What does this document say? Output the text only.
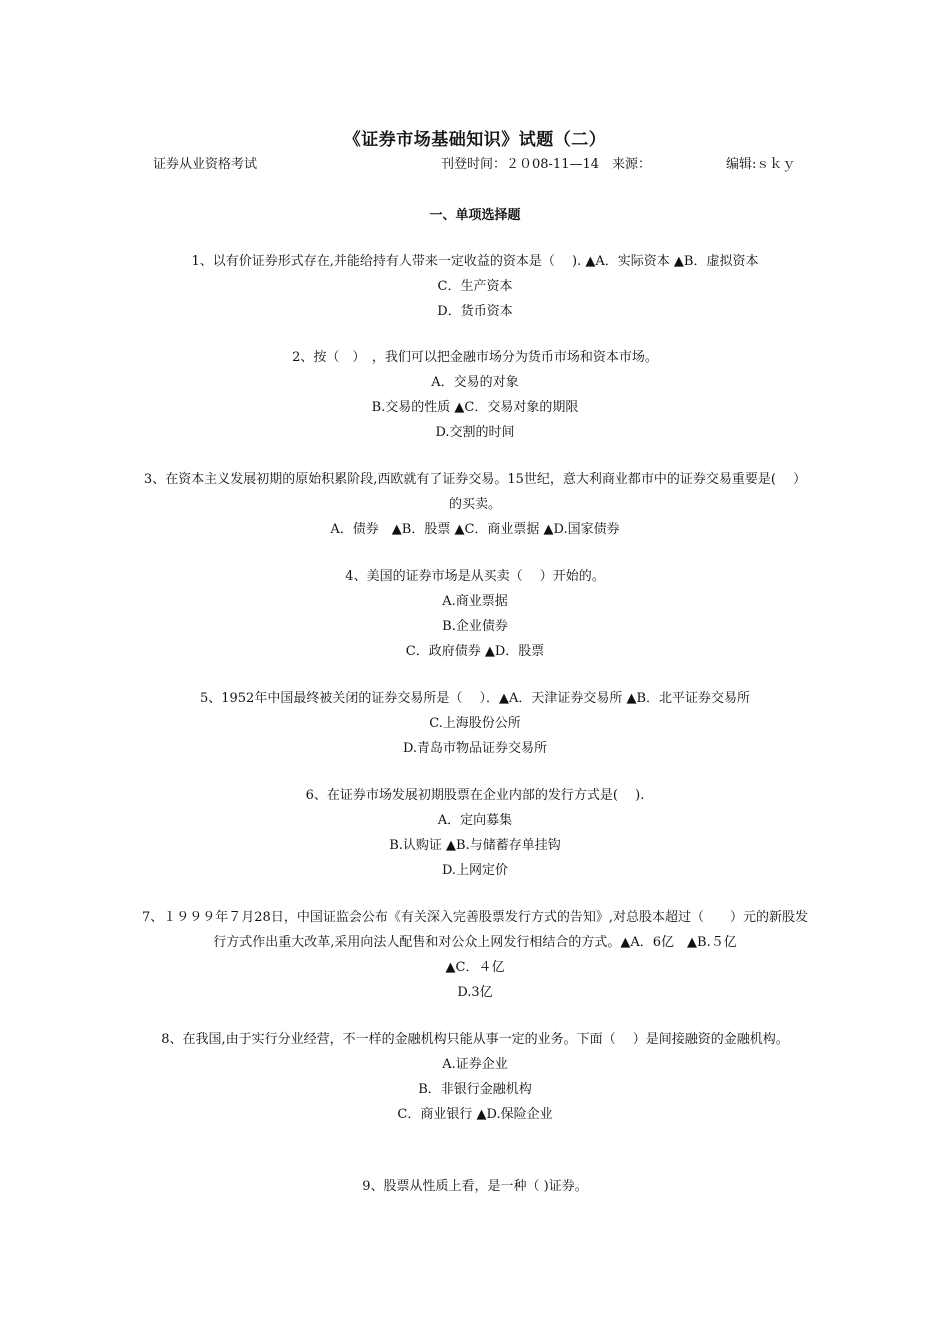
《证券市场基础知识》试题（二）
证券从业资格考试	刊登时间：２０08-11—14　来源：	编辑:ｓｋｙ
一、单项选择题

1、以有价证券形式存在,并能给持有人带来一定收益的资本是（　 ). ▲A．实际资本 ▲B．虚拟资本

C．生产资本

D．货币资本

2、按（　）　，我们可以把金融市场分为货币市场和资本市场。

A．交易的对象

B.交易的性质 ▲C．交易对象的期限

D.交割的时间

3、在资本主义发展初期的原始积累阶段,西欧就有了证券交易。15世纪，意大利商业都市中的证券交易重要是(　 ）的买卖。

A．债券　▲B．股票 ▲C．商业票据 ▲D.国家债券

4、美国的证券市场是从买卖（　 ）开始的。

A.商业票据

B.企业债券

C．政府债券 ▲D．股票

5、1952年中国最终被关闭的证券交易所是（　 ）．▲A．天津证券交易所 ▲B．北平证券交易所

C.上海股份公所

D.青岛市物品证券交易所

6、在证券市场发展初期股票在企业内部的发行方式是(　 ).

A．定向募集

B.认购证 ▲B.与储蓄存单挂钩

D.上网定价

7、１９９９年７月28日，中国证监会公布《有关深入完善股票发行方式的告知》,对总股本超过（　　）元的新股发行方式作出重大改革,采用向法人配售和对公众上网发行相结合的方式。▲A．6亿　▲B.５亿

▲C．４亿

D.3亿

8、在我国,由于实行分业经营，不一样的金融机构只能从事一定的业务。下面（　 ）是间接融资的金融机构。

A.证券企业

B．非银行金融机构

C．商业银行 ▲D.保险企业

9、股票从性质上看，是一种（ )证券。
